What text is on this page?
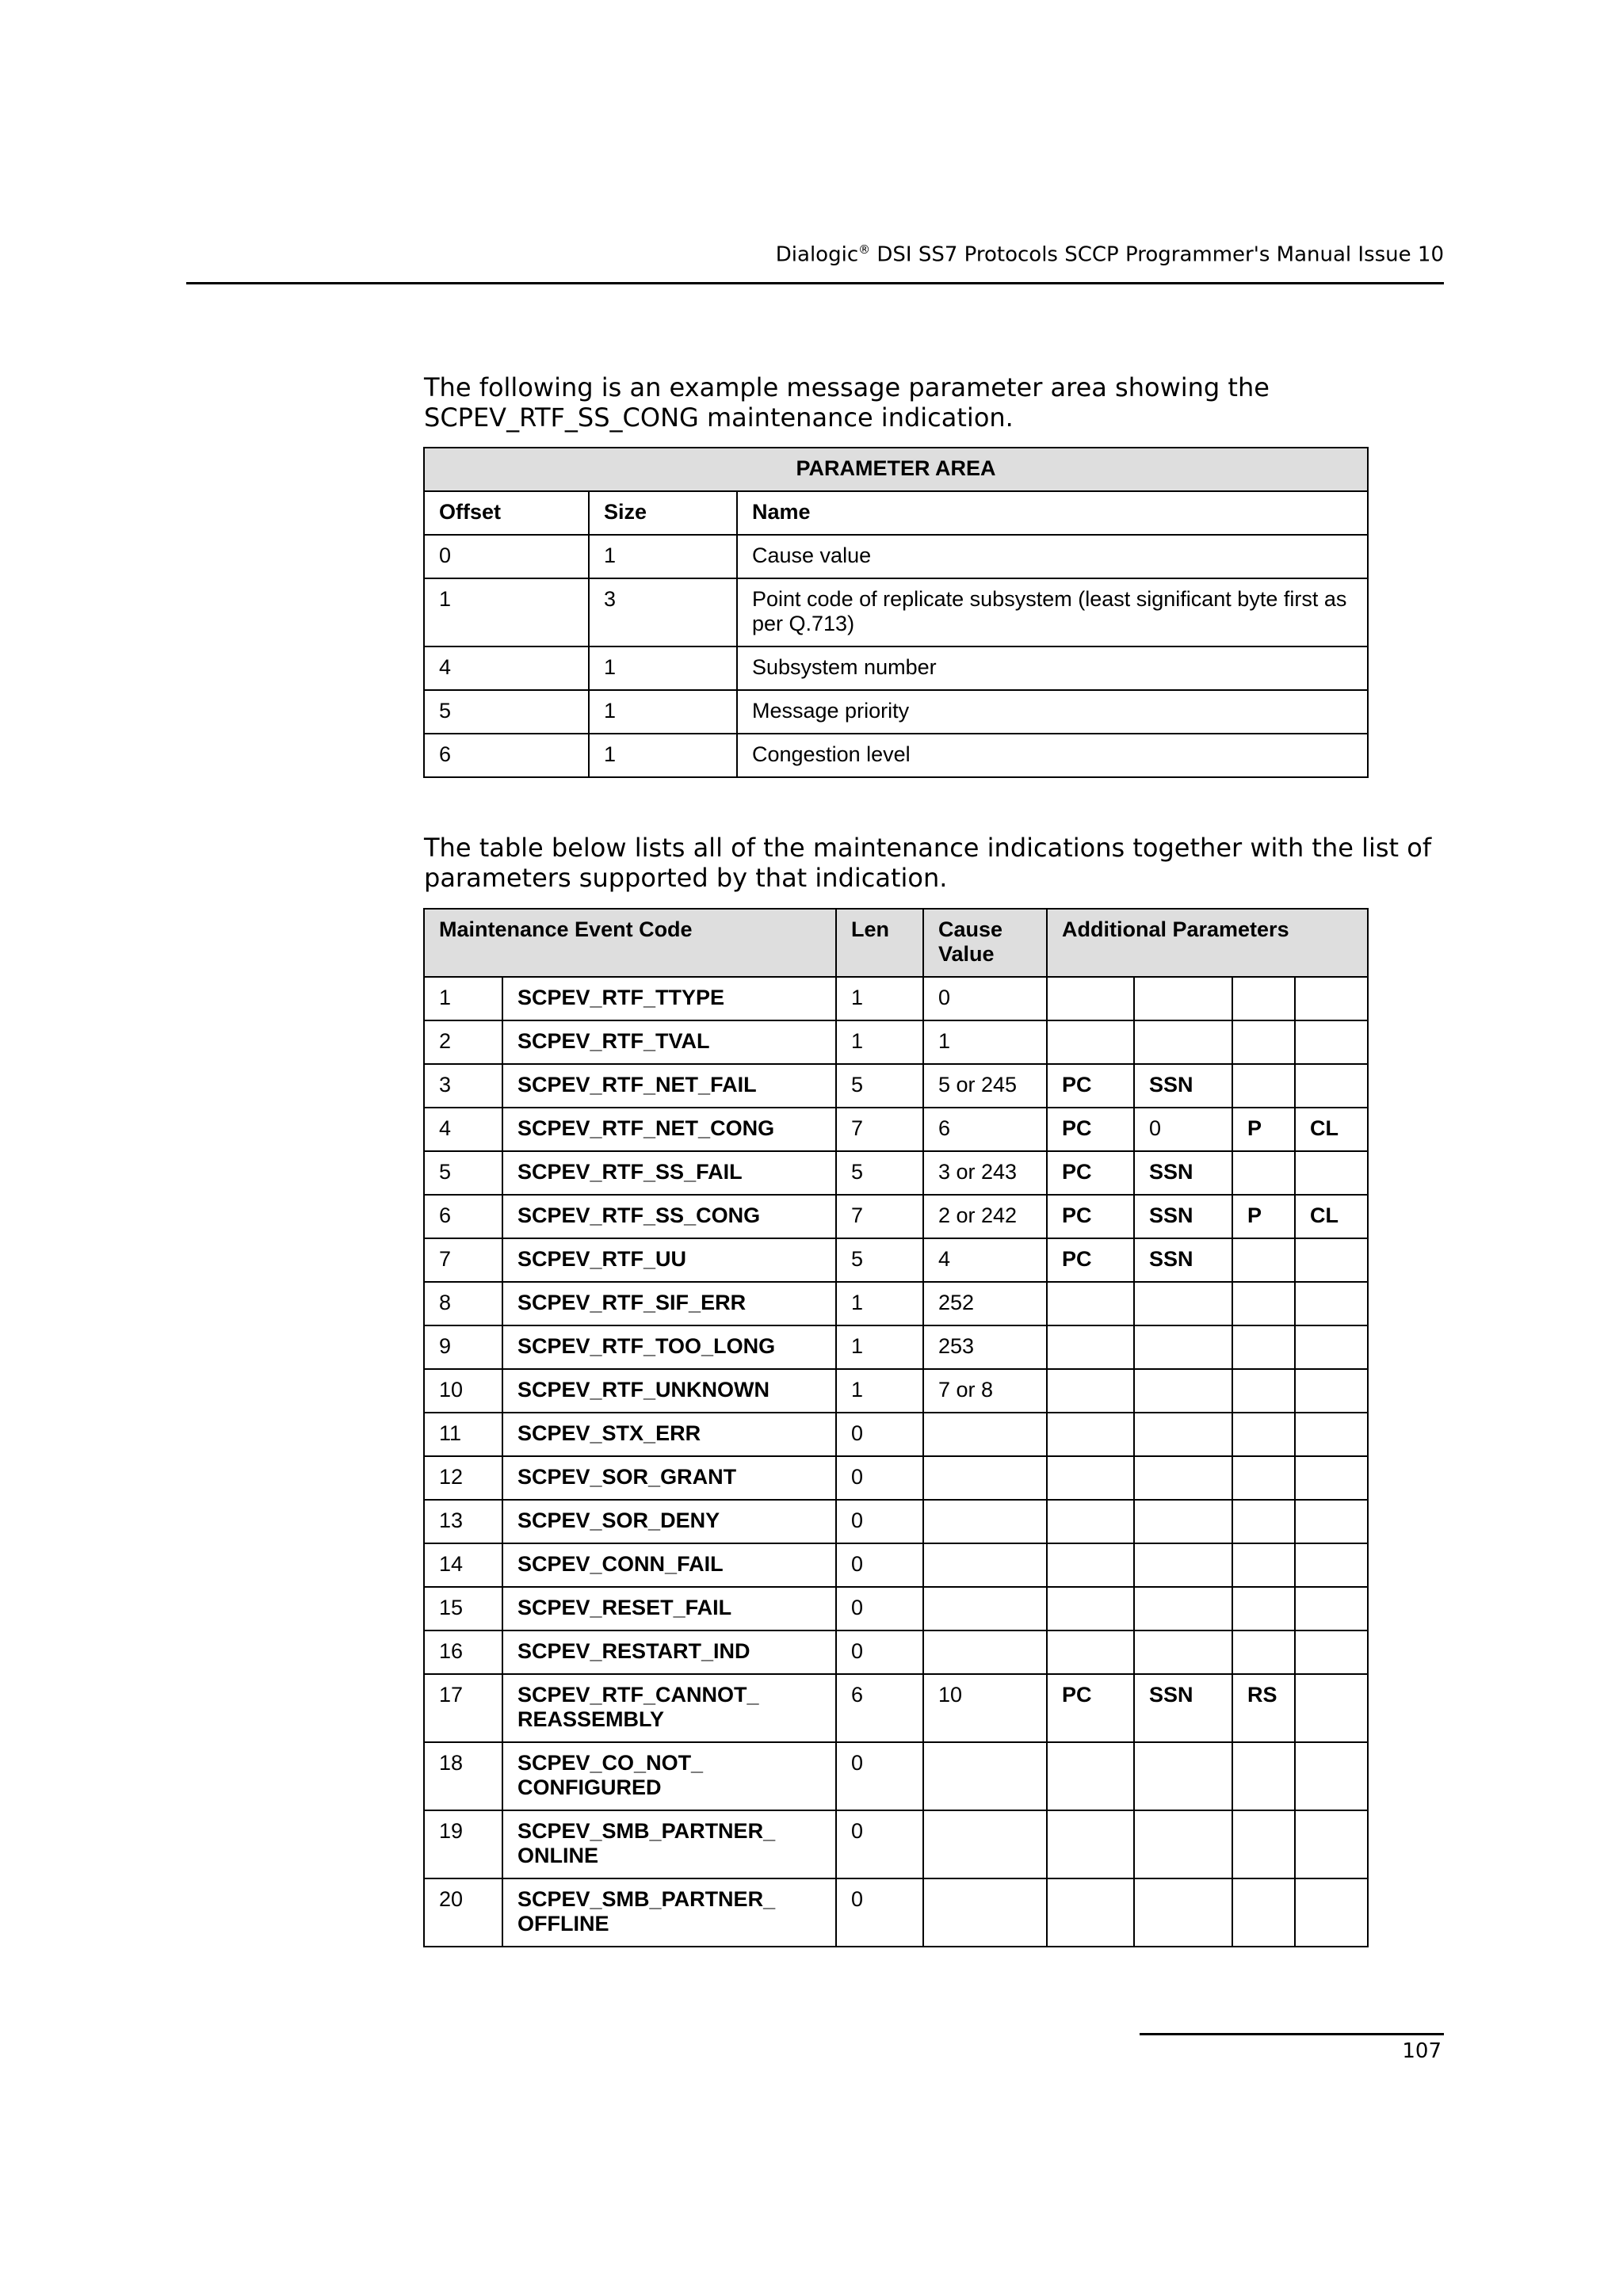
Dialogic® DSI SS7 Protocols SCCP Programmer's Manual Issue 10
The following is an example message parameter area showing the SCPEV_RTF_SS_CONG maintenance indication.
PARAMETER AREA		
Offset	Size	Name
0	1	Cause value
1	3	Point code of replicate subsystem (least significant byte first as per Q.713)
4	1	Subsystem number
5	1	Message priority
6	1	Congestion level
The table below lists all of the maintenance indications together with the list of parameters supported by that indication.
Maintenance Event Code		Len	Cause Value	Additional Parameters			
1	SCPEV_RTF_TTYPE	1	0				
2	SCPEV_RTF_TVAL	1	1				
3	SCPEV_RTF_NET_FAIL	5	5 or 245	PC	SSN		
4	SCPEV_RTF_NET_CONG	7	6	PC	0	P	CL
5	SCPEV_RTF_SS_FAIL	5	3 or 243	PC	SSN		
6	SCPEV_RTF_SS_CONG	7	2 or 242	PC	SSN	P	CL
7	SCPEV_RTF_UU	5	4	PC	SSN		
8	SCPEV_RTF_SIF_ERR	1	252				
9	SCPEV_RTF_TOO_LONG	1	253				
10	SCPEV_RTF_UNKNOWN	1	7 or 8				
11	SCPEV_STX_ERR	0					
12	SCPEV_SOR_GRANT	0					
13	SCPEV_SOR_DENY	0					
14	SCPEV_CONN_FAIL	0					
15	SCPEV_RESET_FAIL	0					
16	SCPEV_RESTART_IND	0					
17	SCPEV_RTF_CANNOT_ REASSEMBLY	6	10	PC	SSN	RS	
18	SCPEV_CO_NOT_ CONFIGURED	0					
19	SCPEV_SMB_PARTNER_ ONLINE	0					
20	SCPEV_SMB_PARTNER_ OFFLINE	0					
107
